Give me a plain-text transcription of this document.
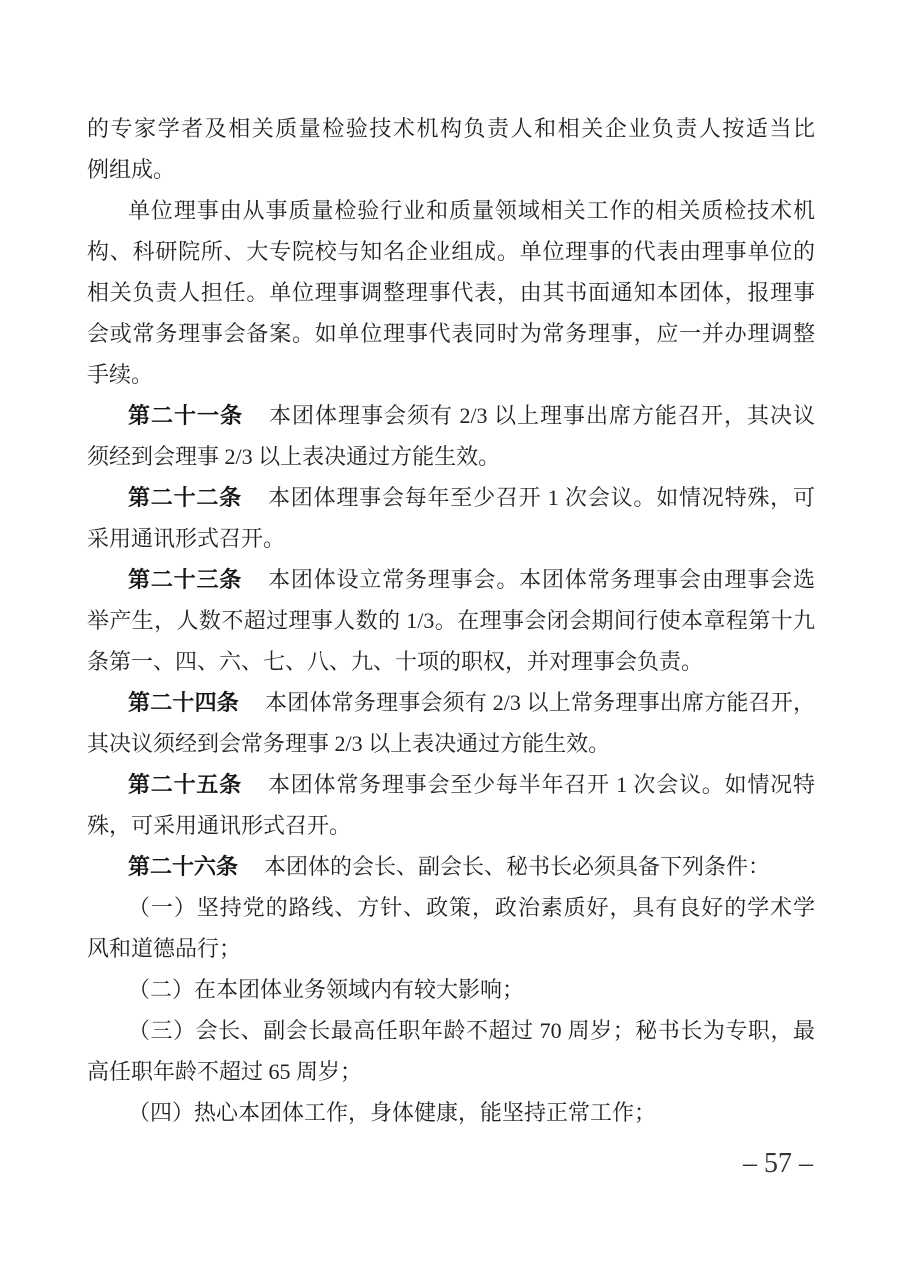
的专家学者及相关质量检验技术机构负责人和相关企业负责人按适当比
例组成。
单位理事由从事质量检验行业和质量领域相关工作的相关质检技术机
构、科研院所、大专院校与知名企业组成。单位理事的代表由理事单位的
相关负责人担任。单位理事调整理事代表，由其书面通知本团体，报理事
会或常务理事会备案。如单位理事代表同时为常务理事，应一并办理调整
手续。
第二十一条 本团体理事会须有 2/3 以上理事出席方能召开，其决议
须经到会理事 2/3 以上表决通过方能生效。
第二十二条 本团体理事会每年至少召开 1 次会议。如情况特殊，可
采用通讯形式召开。
第二十三条 本团体设立常务理事会。本团体常务理事会由理事会选
举产生，人数不超过理事人数的 1/3。在理事会闭会期间行使本章程第十九
条第一、四、六、七、八、九、十项的职权，并对理事会负责。
第二十四条 本团体常务理事会须有 2/3 以上常务理事出席方能召开，
其决议须经到会常务理事 2/3 以上表决通过方能生效。
第二十五条 本团体常务理事会至少每半年召开 1 次会议。如情况特
殊，可采用通讯形式召开。
第二十六条 本团体的会长、副会长、秘书长必须具备下列条件：
（一）坚持党的路线、方针、政策，政治素质好，具有良好的学术学
风和道德品行；
（二）在本团体业务领域内有较大影响；
（三）会长、副会长最高任职年龄不超过 70 周岁；秘书长为专职，最
高任职年龄不超过 65 周岁；
（四）热心本团体工作，身体健康，能坚持正常工作；
– 57 –
